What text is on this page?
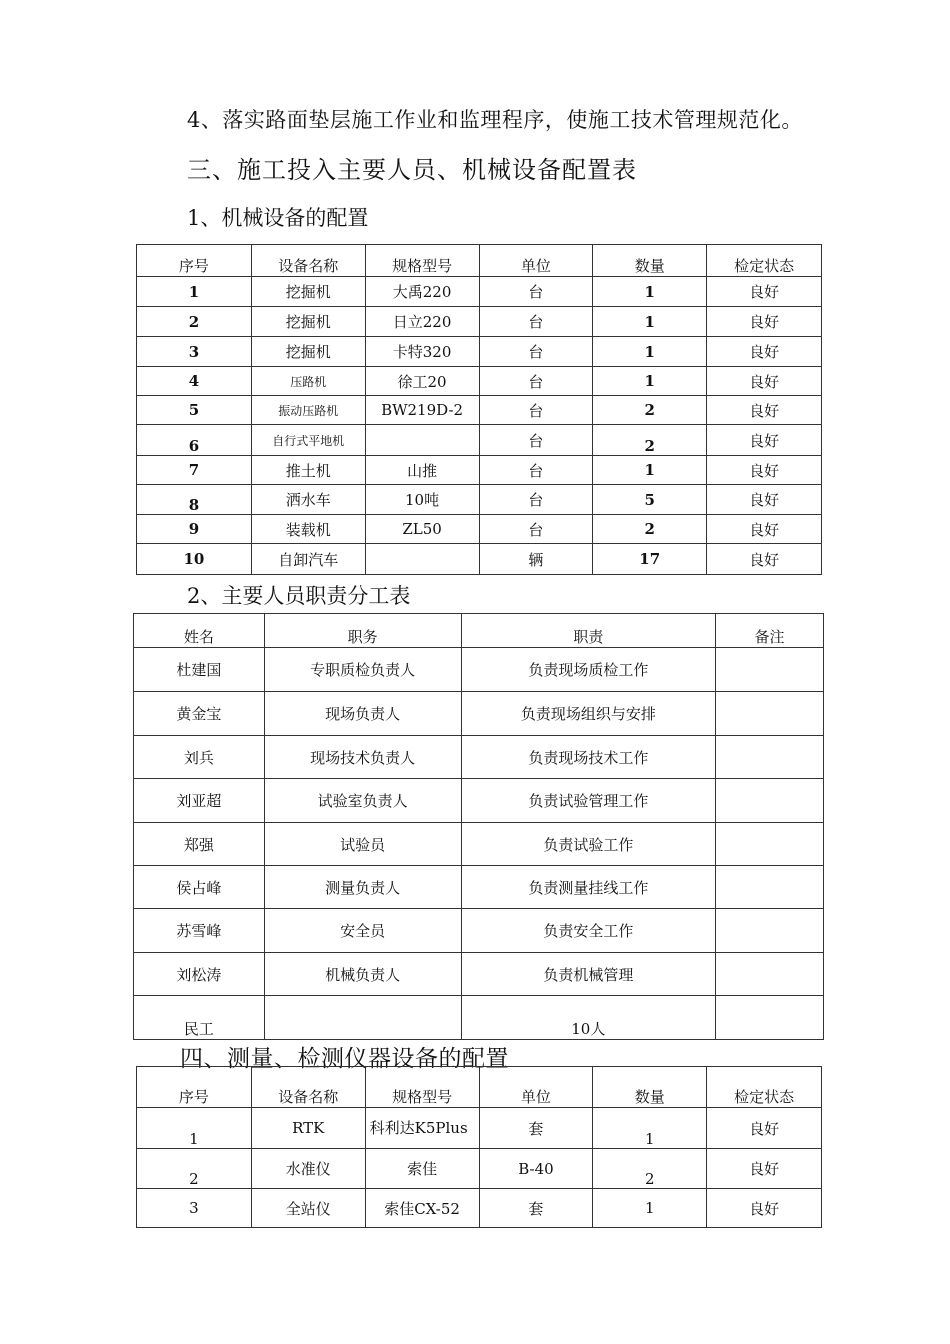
4、落实路面垫层施工作业和监理程序，使施工技术管理规范化。
三、施工投入主要人员、机械设备配置表
1、机械设备的配置
序号	设备名称	规格型号	单位	数量	检定状态
1	挖掘机	大禹220	台	1	良好
2	挖掘机	日立220	台	1	良好
3	挖掘机	卡特320	台	1	良好
4	压路机	徐工20	台	1	良好
5	振动压路机	BW219D-2	台	2	良好
6	自行式平地机		台	2	良好
7	推土机	山推	台	1	良好
8	洒水车	10吨	台	5	良好
9	装载机	ZL50	台	2	良好
10	自卸汽车		辆	17	良好
2、主要人员职责分工表
姓名	职务	职责	备注
杜建国	专职质检负责人	负责现场质检工作	
黄金宝	现场负责人	负责现场组织与安排	
刘兵	现场技术负责人	负责现场技术工作	
刘亚超	试验室负责人	负责试验管理工作	
郑强	试验员	负责试验工作	
侯占峰	测量负责人	负责测量挂线工作	
苏雪峰	安全员	负责安全工作	
刘松涛	机械负责人	负责机械管理	
民工		10人	
四、测量、检测仪器设备的配置
序号	设备名称	规格型号	单位	数量	检定状态
1	RTK	科利达K5Plus	套	1	良好
2	水准仪	索佳	B-40	2	良好
3	全站仪	索佳CX-52	套	1	良好
